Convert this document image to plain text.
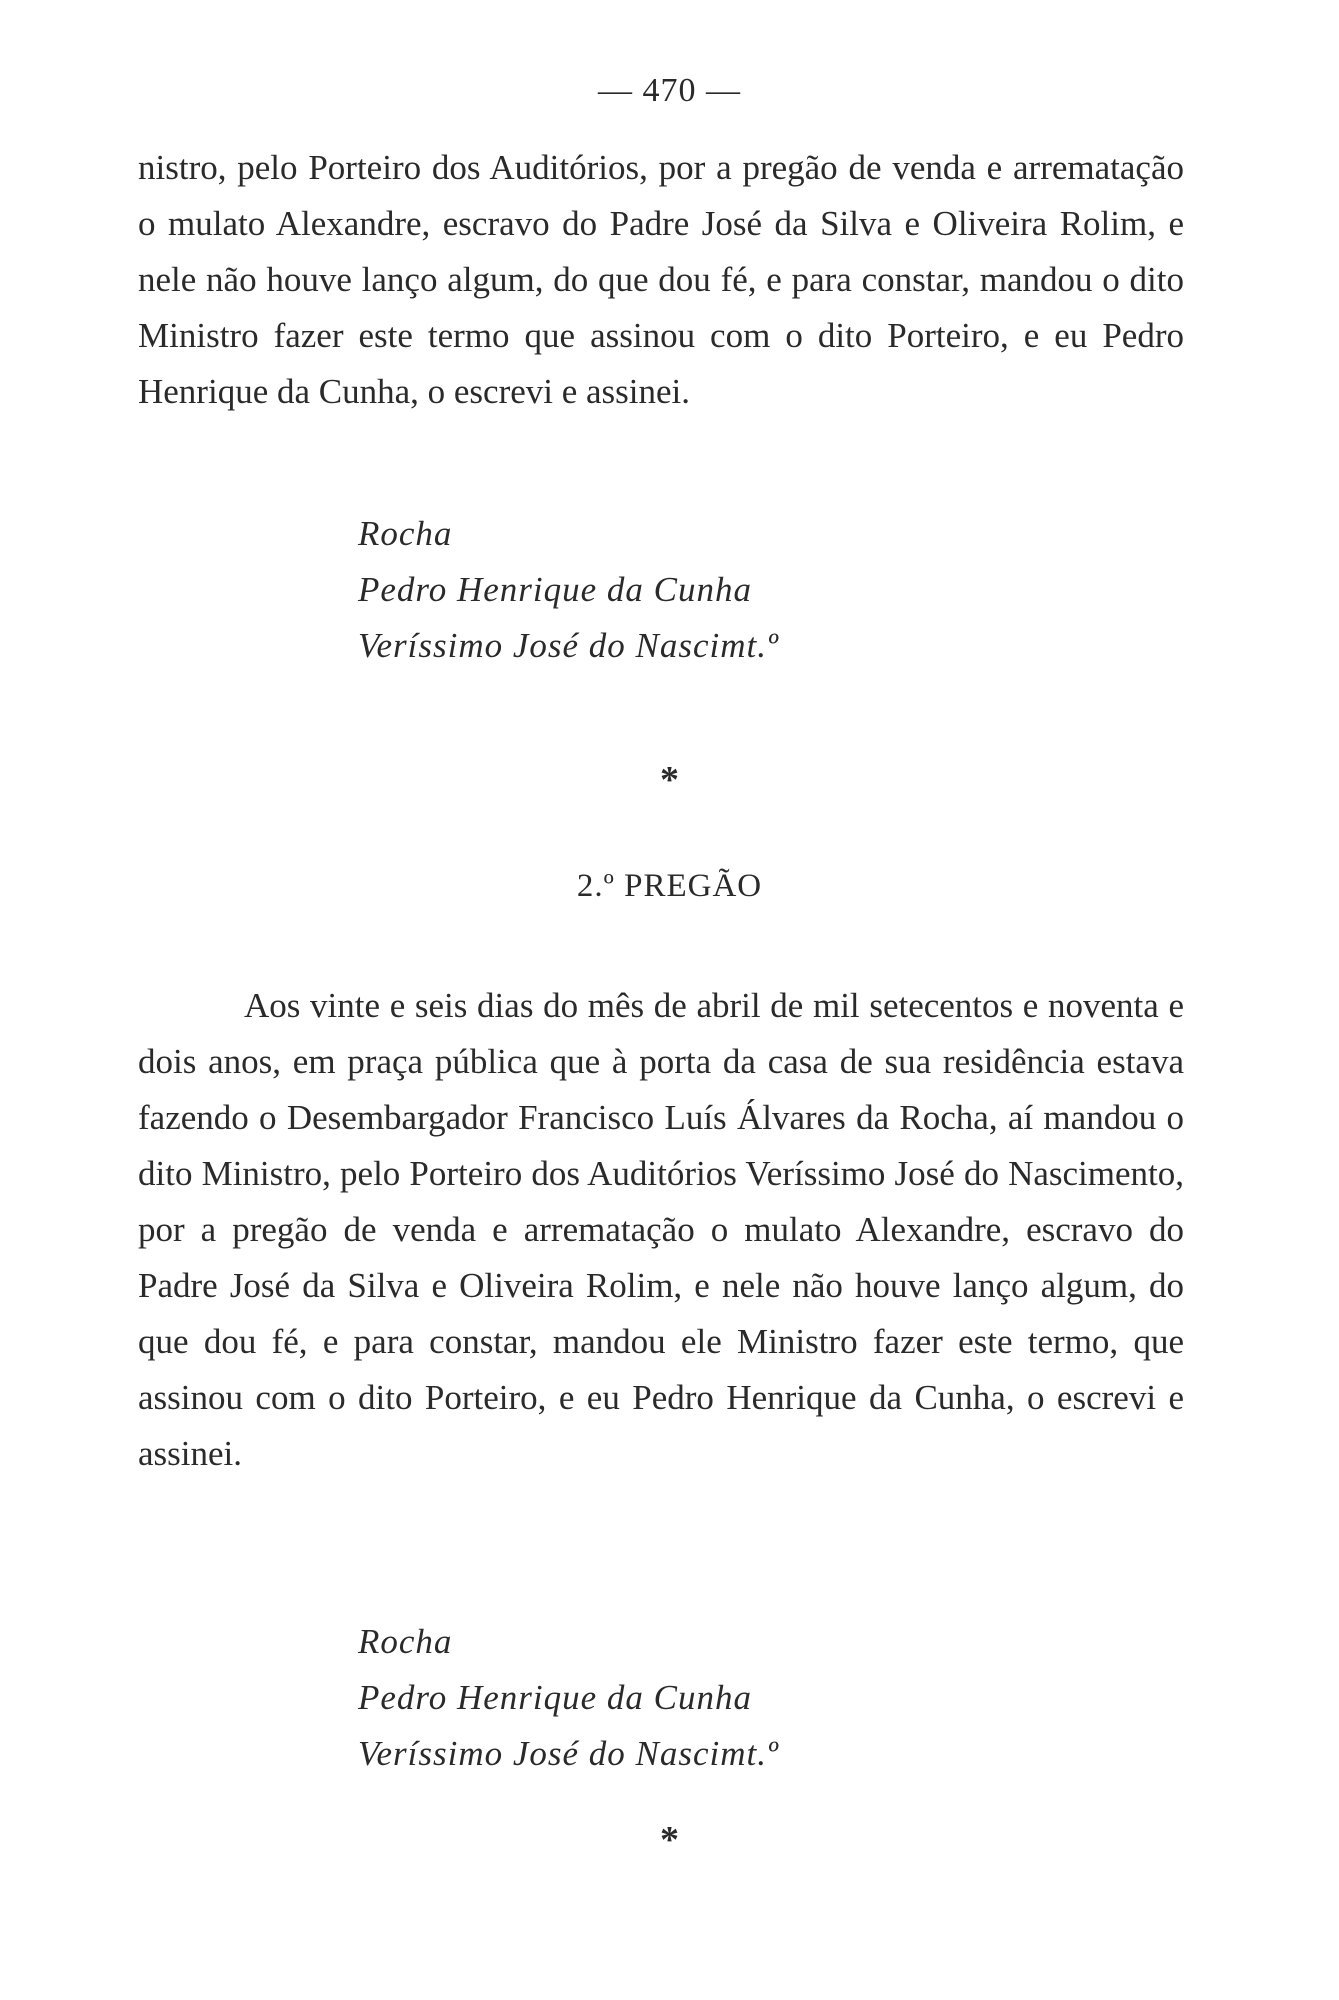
— 470 —

nistro, pelo Porteiro dos Auditórios, por a pregão de venda e arrematação o mulato Alexandre, escravo do Padre José da Silva e Oliveira Rolim, e nele não houve lanço algum, do que dou fé, e para constar, mandou o dito Ministro fazer este termo que assinou com o dito Porteiro, e eu Pedro Henrique da Cunha, o escrevi e assinei.

Rocha
Pedro Henrique da Cunha
Veríssimo José do Nascimt.º
*
2.º PREGÃO

Aos vinte e seis dias do mês de abril de mil setecentos e noventa e dois anos, em praça pública que à porta da casa de sua residência estava fazendo o Desembargador Francisco Luís Álvares da Rocha, aí mandou o dito Ministro, pelo Porteiro dos Auditórios Veríssimo José do Nascimento, por a pregão de venda e arrematação o mulato Alexandre, escravo do Padre José da Silva e Oliveira Rolim, e nele não houve lanço algum, do que dou fé, e para constar, mandou ele Ministro fazer este termo, que assinou com o dito Porteiro, e eu Pedro Henrique da Cunha, o escrevi e assinei.

Rocha
Pedro Henrique da Cunha
Veríssimo José do Nascimt.º
*
